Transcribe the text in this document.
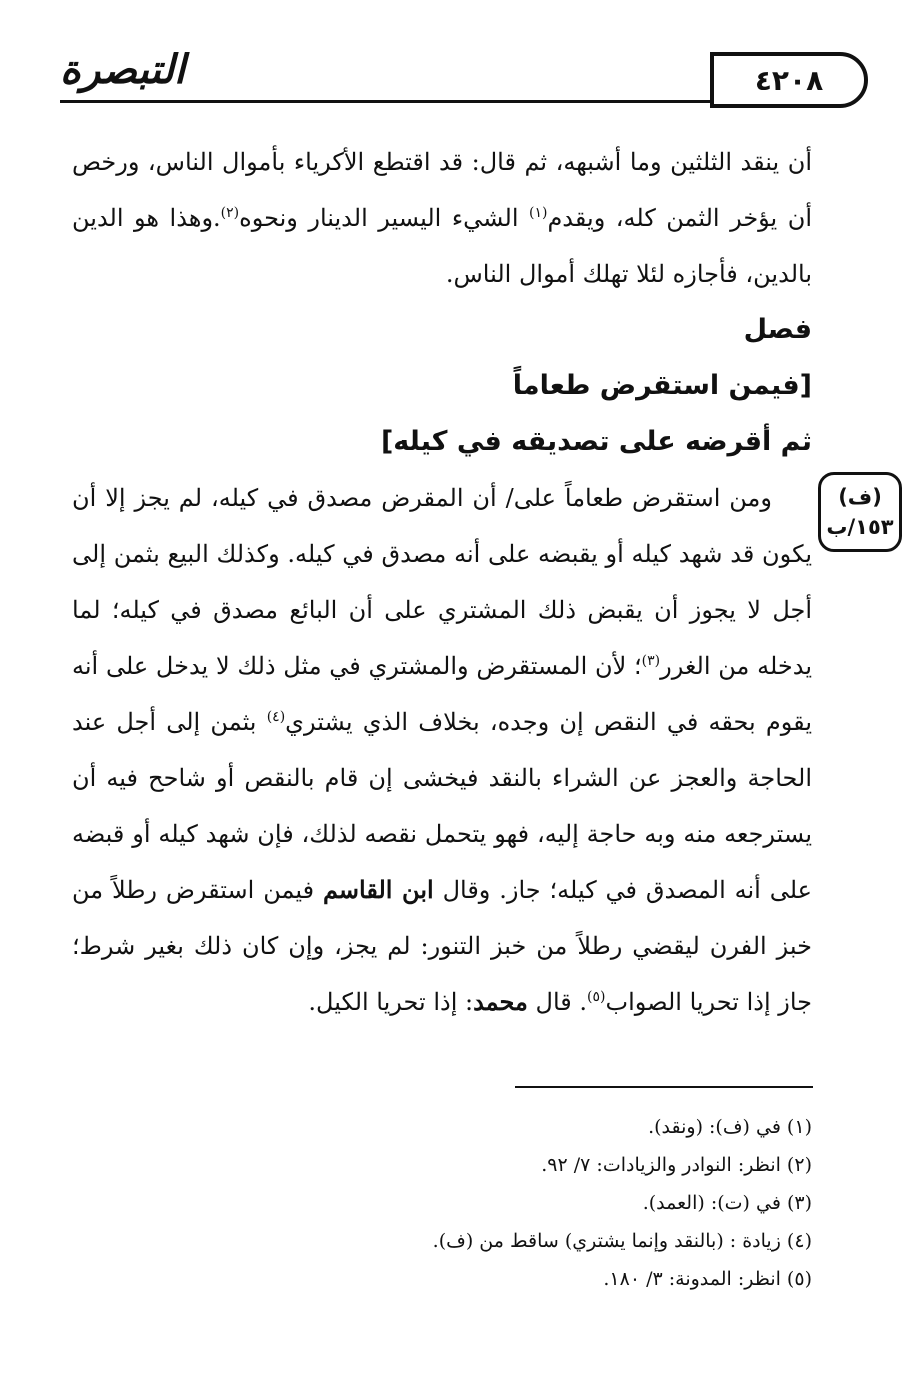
التبصرة	٤٢٠٨
(ف)
١٥٣/ب

أن ينقد الثلثين وما أشبهه، ثم قال: قد اقتطع الأكرياء بأموال الناس، ورخص أن يؤخر الثمن كله، ويقدم$^{(١)}$ الشيء اليسير الدينار ونحوه$^{(٢)}$.وهذا هو الدين بالدين، فأجازه لئلا تهلك أموال الناس.

فصل

[فيمن استقرض طعاماً

ثم أقرضه على تصديقه في كيله]

ومن استقرض طعاماً على/ أن المقرض مصدق في كيله، لم يجز إلا أن يكون قد شهد كيله أو يقبضه على أنه مصدق في كيله. وكذلك البيع بثمن إلى أجل لا يجوز أن يقبض ذلك المشتري على أن البائع مصدق في كيله؛ لما يدخله من الغرر$^{(٣)}$؛ لأن المستقرض والمشتري في مثل ذلك لا يدخل على أنه يقوم بحقه في النقص إن وجده، بخلاف الذي يشتري$^{(٤)}$ بثمن إلى أجل عند الحاجة والعجز عن الشراء بالنقد فيخشى إن قام بالنقص أو شاحح فيه أن يسترجعه منه وبه حاجة إليه، فهو يتحمل نقصه لذلك، فإن شهد كيله أو قبضه على أنه المصدق في كيله؛ جاز. وقال ابن القاسم فيمن استقرض رطلاً من خبز الفرن ليقضي رطلاً من خبز التنور: لم يجز، وإن كان ذلك بغير شرط؛ جاز إذا تحريا الصواب$^{(٥)}$. قال محمد: إذا تحريا الكيل.

(١) في (ف): (ونقد).
(٢) انظر: النوادر والزيادات: ٧/ ٩٢.
(٣) في (ت): (العمد).
(٤) زيادة : (بالنقد وإنما يشتري) ساقط من (ف).
(٥) انظر: المدونة: ٣/ ١٨٠.
